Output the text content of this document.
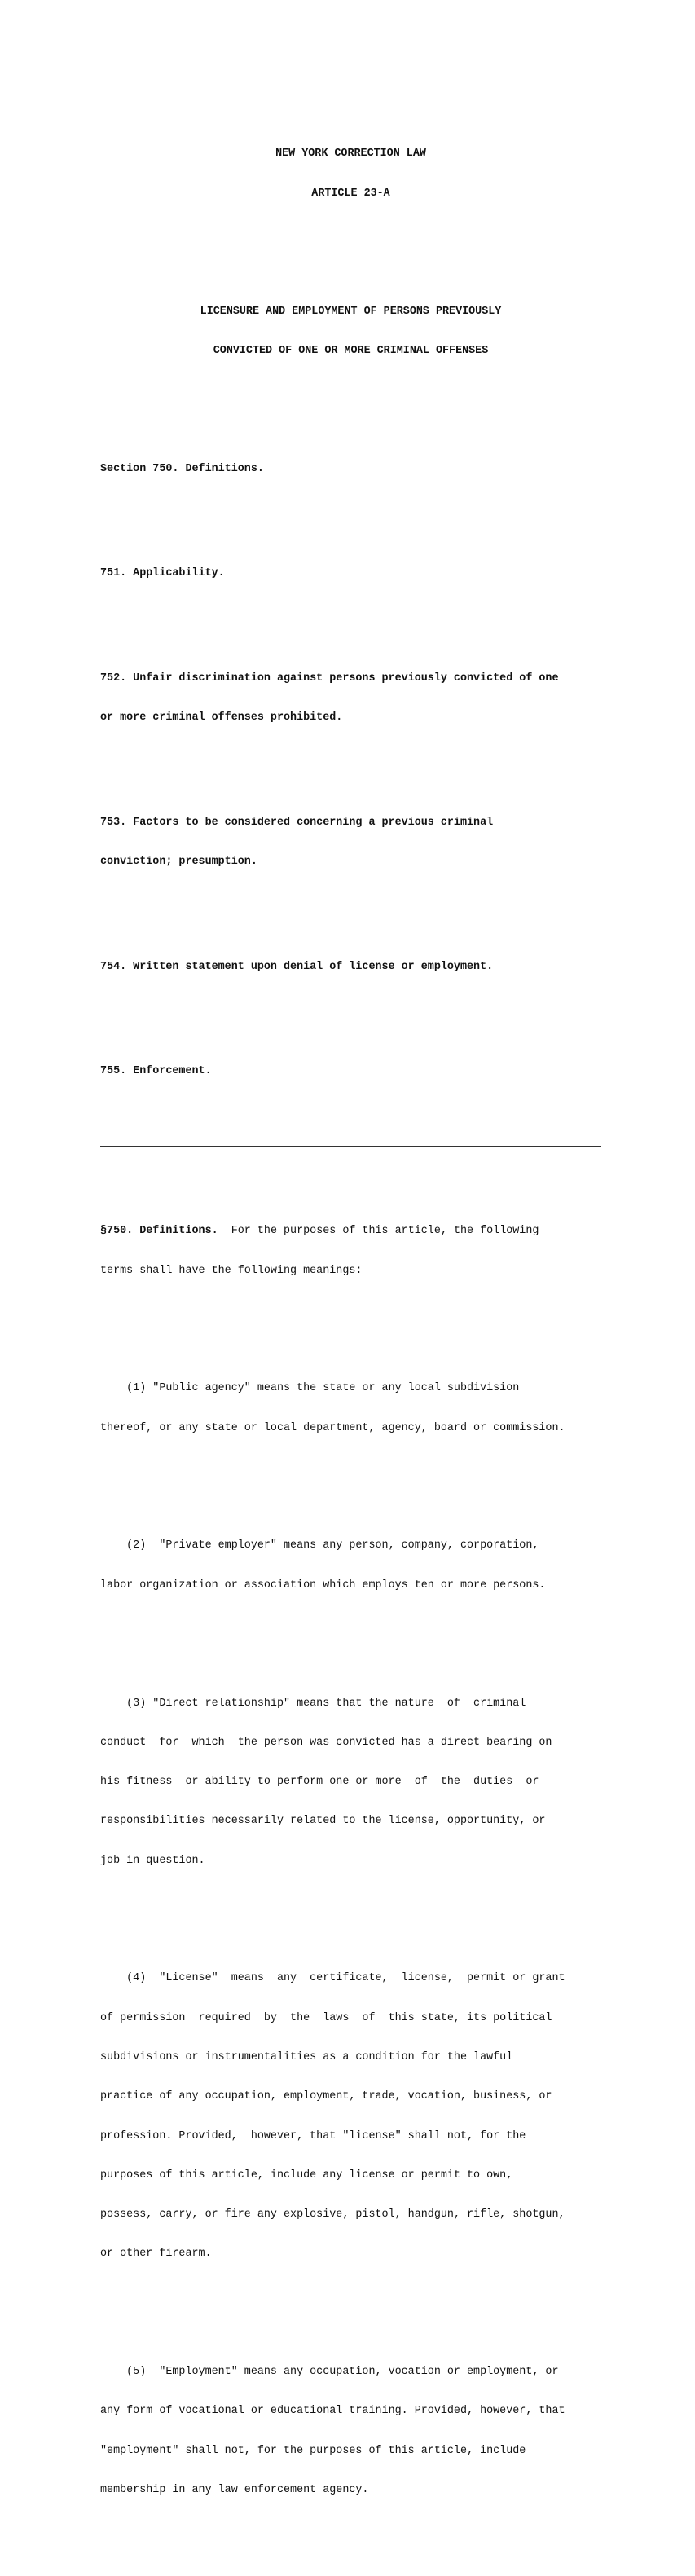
NEW YORK CORRECTION LAW

ARTICLE 23-A

LICENSURE AND EMPLOYMENT OF PERSONS PREVIOUSLY

CONVICTED OF ONE OR MORE CRIMINAL OFFENSES

Section 750. Definitions.

751. Applicability.

752. Unfair discrimination against persons previously convicted of one

or more criminal offenses prohibited.

753. Factors to be considered concerning a previous criminal

conviction; presumption.

754. Written statement upon denial of license or employment.

755. Enforcement.

§750. Definitions.  For the purposes of this article, the following

terms shall have the following meanings:

(1) "Public agency" means the state or any local subdivision

thereof, or any state or local department, agency, board or commission.

(2)  "Private employer" means any person, company, corporation,

labor organization or association which employs ten or more persons.

(3) "Direct relationship" means that the nature  of  criminal

conduct  for  which  the person was convicted has a direct bearing on

his fitness  or ability to perform one or more  of  the  duties  or

responsibilities necessarily related to the license, opportunity, or

job in question.

(4)  "License"  means  any  certificate,  license,  permit or grant

of permission  required  by  the  laws  of  this state, its political

subdivisions or instrumentalities as a condition for the lawful

practice of any occupation, employment, trade, vocation, business, or

profession. Provided,  however, that "license" shall not, for the

purposes of this article, include any license or permit to own,

possess, carry, or fire any explosive, pistol, handgun, rifle, shotgun,

or other firearm.

(5)  "Employment" means any occupation, vocation or employment, or

any form of vocational or educational training. Provided, however, that

"employment" shall not, for the purposes of this article, include

membership in any law enforcement agency.
